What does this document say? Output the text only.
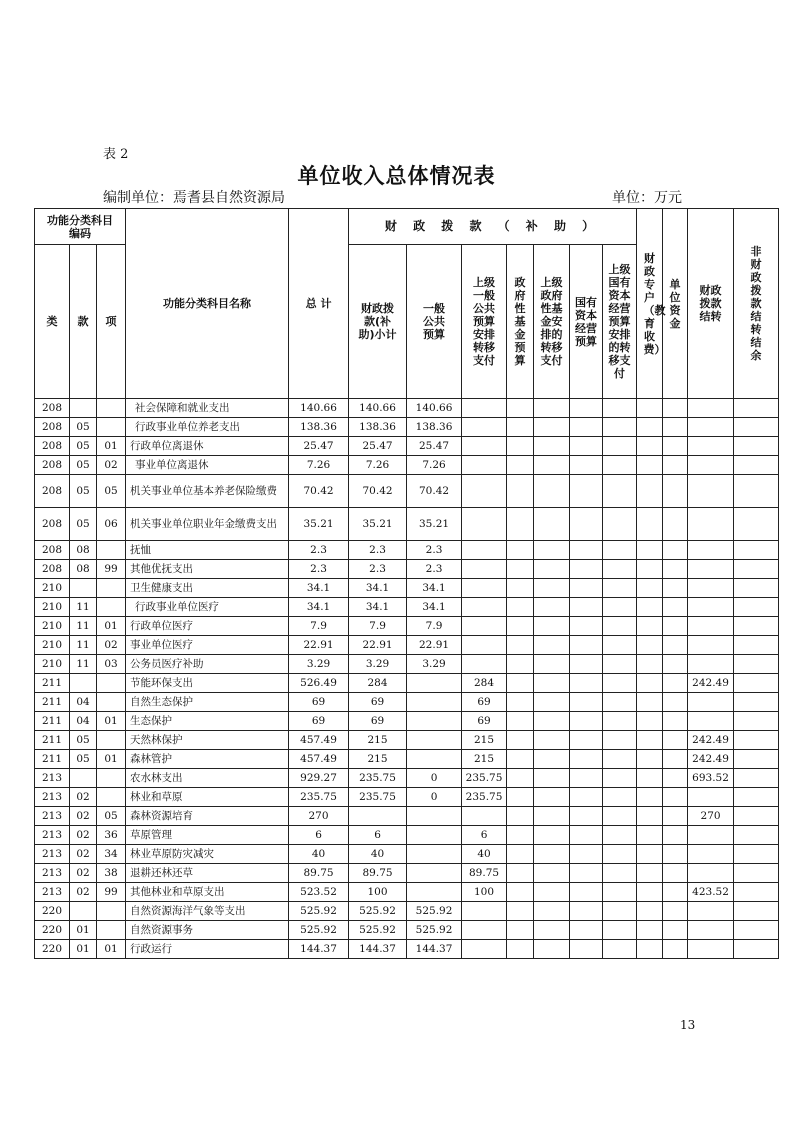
表 2
单位收入总体情况表
编制单位：焉耆县自然资源局	单位：万元
功能分类科目编码			功能分类科目名称	总 计	财 政 拨 款 （ 补 助 ）							财政专户（教育收费）	单位资金	财政拨款结转	非财政拨款结转结余
类	款	项			财政拨款(补助)小计	一般公共预算	上级一般公共预算安排转移支付	政府性基金预算	上级政府性基金安排的转移支付	国有资本经营预算	上级国有资本经营预算安排的转移支付				
208			社会保障和就业支出	140.66	140.66	140.66									
208	05		行政事业单位养老支出	138.36	138.36	138.36									
208	05	01	行政单位离退休	25.47	25.47	25.47									
208	05	02	事业单位离退休	7.26	7.26	7.26									
208	05	05	机关事业单位基本养老保险缴费	70.42	70.42	70.42									
208	05	06	机关事业单位职业年金缴费支出	35.21	35.21	35.21									
208	08		抚恤	2.3	2.3	2.3									
208	08	99	其他优抚支出	2.3	2.3	2.3									
210			卫生健康支出	34.1	34.1	34.1									
210	11		行政事业单位医疗	34.1	34.1	34.1									
210	11	01	行政单位医疗	7.9	7.9	7.9									
210	11	02	事业单位医疗	22.91	22.91	22.91									
210	11	03	公务员医疗补助	3.29	3.29	3.29									
211			节能环保支出	526.49	284		284							242.49	
211	04		自然生态保护	69	69		69								
211	04	01	生态保护	69	69		69								
211	05		天然林保护	457.49	215		215							242.49	
211	05	01	森林管护	457.49	215		215							242.49	
213			农水林支出	929.27	235.75	0	235.75							693.52	
213	02		林业和草原	235.75	235.75	0	235.75								
213	02	05	森林资源培育	270										270	
213	02	36	草原管理	6	6		6								
213	02	34	林业草原防灾减灾	40	40		40								
213	02	38	退耕还林还草	89.75	89.75		89.75								
213	02	99	其他林业和草原支出	523.52	100		100							423.52	
220			自然资源海洋气象等支出	525.92	525.92	525.92									
220	01		自然资源事务	525.92	525.92	525.92									
220	01	01	行政运行	144.37	144.37	144.37									
13
